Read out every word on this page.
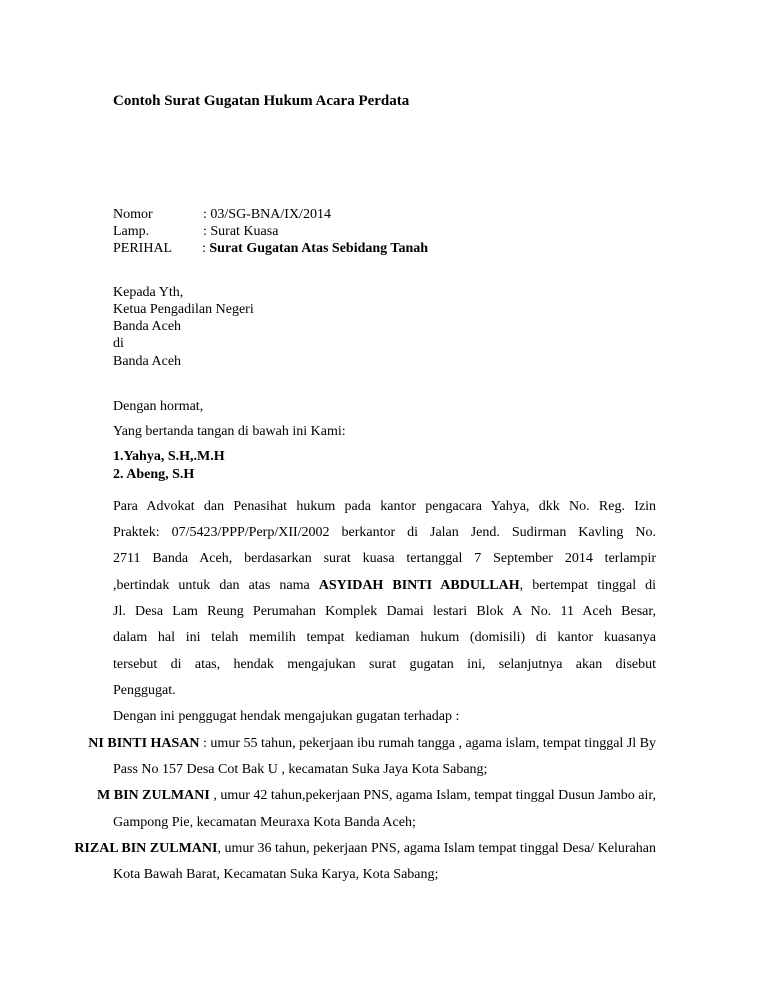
Contoh Surat Gugatan Hukum Acara Perdata
Nomor	: 03/SG-BNA/IX/2014
Lamp.	: Surat Kuasa
PERIHAL : Surat Gugatan Atas Sebidang Tanah
Kepada Yth,
Ketua Pengadilan Negeri
Banda Aceh
di
Banda Aceh
Dengan hormat,
Yang bertanda tangan di bawah ini Kami:
1.Yahya, S.H,.M.H
2. Abeng, S.H
Para Advokat dan Penasihat hukum pada kantor pengacara Yahya, dkk No. Reg. Izin
Praktek: 07/5423/PPP/Perp/XII/2002 berkantor di Jalan Jend. Sudirman Kavling No.
2711 Banda Aceh, berdasarkan surat kuasa tertanggal 7 September 2014 terlampir
,bertindak untuk dan atas nama ASYIDAH BINTI ABDULLAH, bertempat tinggal di
Jl. Desa Lam Reung Perumahan Komplek Damai lestari Blok A No. 11 Aceh Besar,
dalam hal ini telah memilih tempat kediaman hukum (domisili) di kantor kuasanya
tersebut di atas, hendak mengajukan surat gugatan ini, selanjutnya akan disebut
Penggugat.
Dengan ini penggugat hendak mengajukan gugatan terhadap :
NI BINTI HASAN : umur 55 tahun, pekerjaan ibu rumah tangga , agama islam, tempat tinggal Jl By
Pass No 157 Desa Cot Bak U , kecamatan Suka Jaya Kota Sabang;
M BIN ZULMANI , umur 42 tahun,pekerjaan PNS, agama Islam, tempat tinggal Dusun Jambo air,
Gampong Pie, kecamatan Meuraxa Kota Banda Aceh;
RIZAL BIN ZULMANI, umur 36 tahun, pekerjaan PNS, agama Islam tempat tinggal Desa/ Kelurahan
Kota Bawah Barat, Kecamatan Suka Karya, Kota Sabang;
